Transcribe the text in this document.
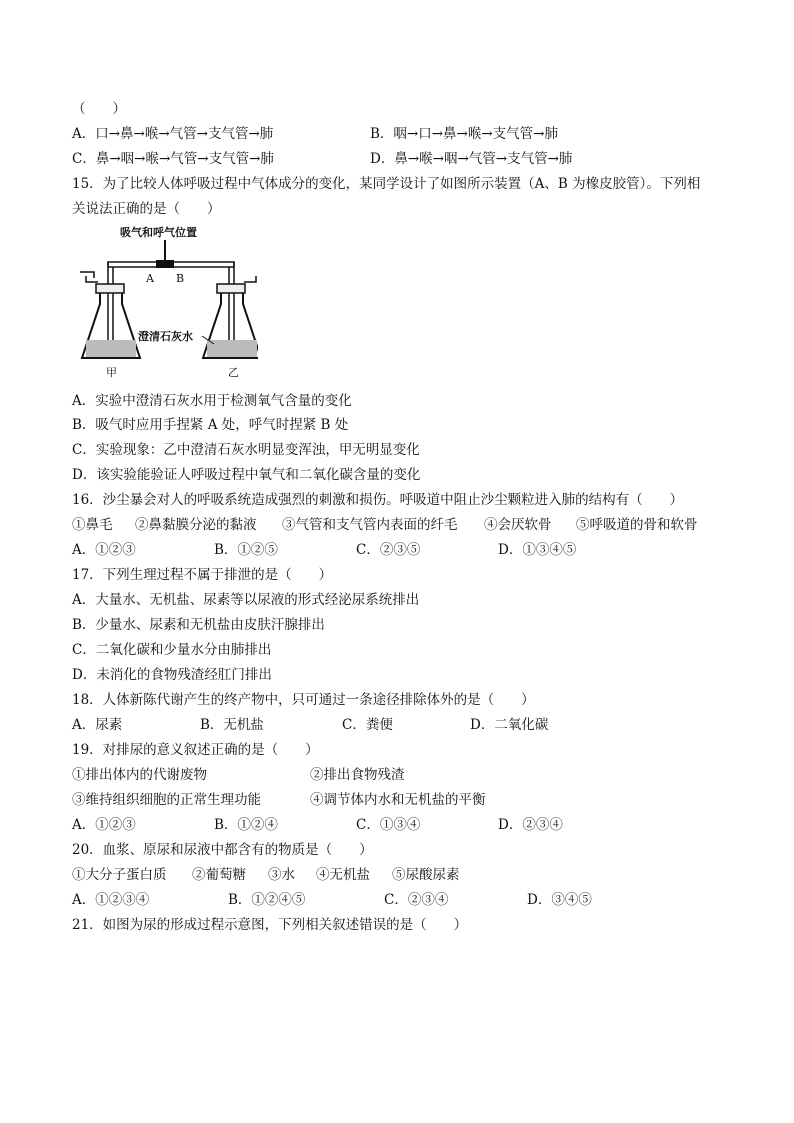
（　　）
A．口→鼻→喉→气管→支气管→肺	B．咽→口→鼻→喉→支气管→肺
C．鼻→咽→喉→气管→支气管→肺	D．鼻→喉→咽→气管→支气管→肺
15．为了比较人体呼吸过程中气体成分的变化，某同学设计了如图所示装置（A、B 为橡皮胶管）。下列相
关说法正确的是（　　）
吸气和呼气位置
A B
澄清石灰水
甲	乙
A．实验中澄清石灰水用于检测氧气含量的变化
B．吸气时应用手捏紧 A 处，呼气时捏紧 B 处
C．实验现象：乙中澄清石灰水明显变浑浊，甲无明显变化
D．该实验能验证人呼吸过程中氧气和二氧化碳含量的变化
16．沙尘暴会对人的呼吸系统造成强烈的刺激和损伤。呼吸道中阻止沙尘颗粒进入肺的结构有（　　）
①鼻毛 ②鼻黏膜分泌的黏液 ③气管和支气管内表面的纤毛 ④会厌软骨 ⑤呼吸道的骨和软骨
A．①②③	B．①②⑤	C．②③⑤	D．①③④⑤
17．下列生理过程不属于排泄的是（　　）
A．大量水、无机盐、尿素等以尿液的形式经泌尿系统排出
B．少量水、尿素和无机盐由皮肤汗腺排出
C．二氧化碳和少量水分由肺排出
D．未消化的食物残渣经肛门排出
18．人体新陈代谢产生的终产物中，只可通过一条途径排除体外的是（　　）
A．尿素	B．无机盐	C．粪便	D．二氧化碳
19．对排尿的意义叙述正确的是（　　）
①排出体内的代谢废物	②排出食物残渣
③维持组织细胞的正常生理功能	④调节体内水和无机盐的平衡
A．①②③	B．①②④	C．①③④	D．②③④
20．血浆、原尿和尿液中都含有的物质是（　　）
①大分子蛋白质 ②葡萄糖 ③水 ④无机盐 ⑤尿酸尿素
A．①②③④	B．①②④⑤	C．②③④	D．③④⑤
21．如图为尿的形成过程示意图，下列相关叙述错误的是（　　）
